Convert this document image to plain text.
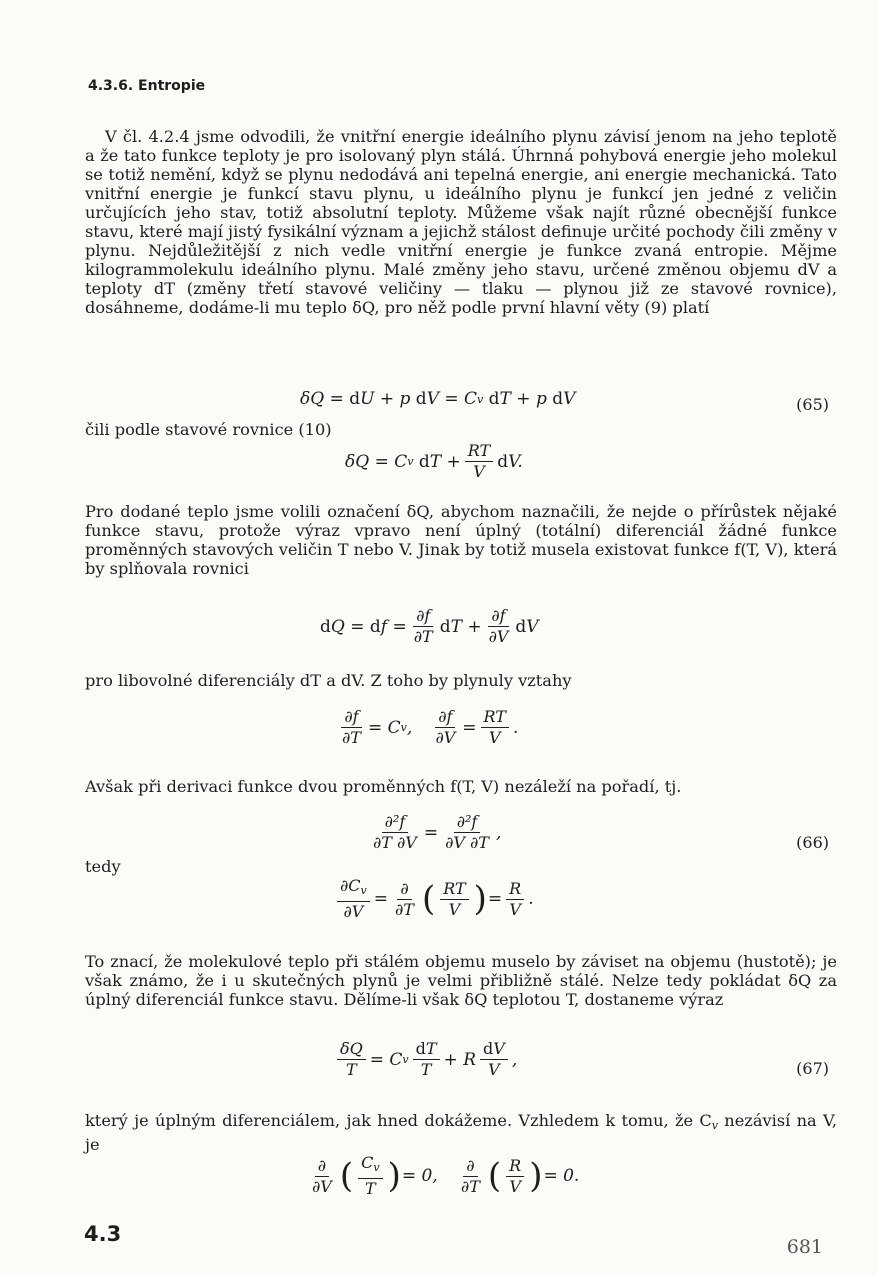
4.3.6. Entropie

V čl. 4.2.4 jsme odvodili, že vnitřní energie ideálního plynu závisí jenom na jeho teplotě a že tato funkce teploty je pro isolovaný plyn stálá. Úhrnná pohybová energie jeho molekul se totiž nemění, když se plynu nedodává ani tepelná energie, ani energie mechanická. Tato vnitřní energie je funkcí stavu plynu, u ideálního plynu je funkcí jen jedné z veličin určujících jeho stav, totiž absolutní teploty. Můžeme však najít různé obecnější funkce stavu, které mají jistý fysikální význam a jejichž stálost definuje určité pochody čili změny v plynu. Nejdůležitější z nich vedle vnitřní energie je funkce zvaná entropie. Mějme kilogrammolekulu ideálního plynu. Malé změny jeho stavu, určené změnou objemu dV a teploty dT (změny třetí stavové veličiny — tlaku — plynou již ze stavové rovnice), dosáhneme, dodáme-li mu teplo δQ, pro něž podle první hlavní věty (9) platí

δQ = d U + p d V = C v
d T + p d V	(65)

čili podle stavové rovnice (10)

δQ = C v
d $T + \frac{RT}{V}$ d V.

Pro dodané teplo jsme volili označení δQ, abychom naznačili, že nejde o přírůstek nějaké funkce stavu, protože výraz vpravo není úplný (totální) diferenciál žádné funkce proměnných stavových veličin T nebo V. Jinak by totiž musela existovat funkce f(T, V), která by splňovala rovnici

d Q = d $f = \frac{\partial f}{\partial T}$ d $T + \frac{\partial f}{\partial V}$ d V

pro libovolné diferenciály dT a dV. Z toho by plynuly vztahy

$\frac{\partial f}{\partial T} = C$ v , $\frac{\partial f}{\partial V} = \frac{RT}{V}$ .

Avšak při derivaci funkce dvou proměnných f(T, V) nezáleží na pořadí, tj.

$\frac{\text{∂²f}}{\partial T \partial V} = \frac{\text{∂²f}}{\partial V \partial T}$ ,	(66)

tedy

$\frac{\partial C_v}{\partial V} = \frac{\partial}{\partial T}$ ( $\frac{RT}{V}$ ) = $\frac{R}{V}$ .

To znací, že molekulové teplo při stálém objemu muselo by záviset na objemu (hustotě); je však známo, že i u skutečných plynů je velmi přibližně stálé. Nelze tedy pokládat δQ za úplný diferenciál funkce stavu. Dělíme-li však δQ teplotou T, dostaneme výraz

$\frac{\delta Q}{T} = C$ v $\frac{dT}{T} + R \frac{dV}{V}$ ,	(67)

který je úplným diferenciálem, jak hned dokážeme. Vzhledem k tomu, že $C_v$ nezávisí na V, je

$\frac{\partial}{\partial V}$ ( $\frac{C_v}{T}$ ) = 0, $\frac{\partial}{\partial T}$ ( $\frac{R}{V}$ ) = 0.
4.3
681
